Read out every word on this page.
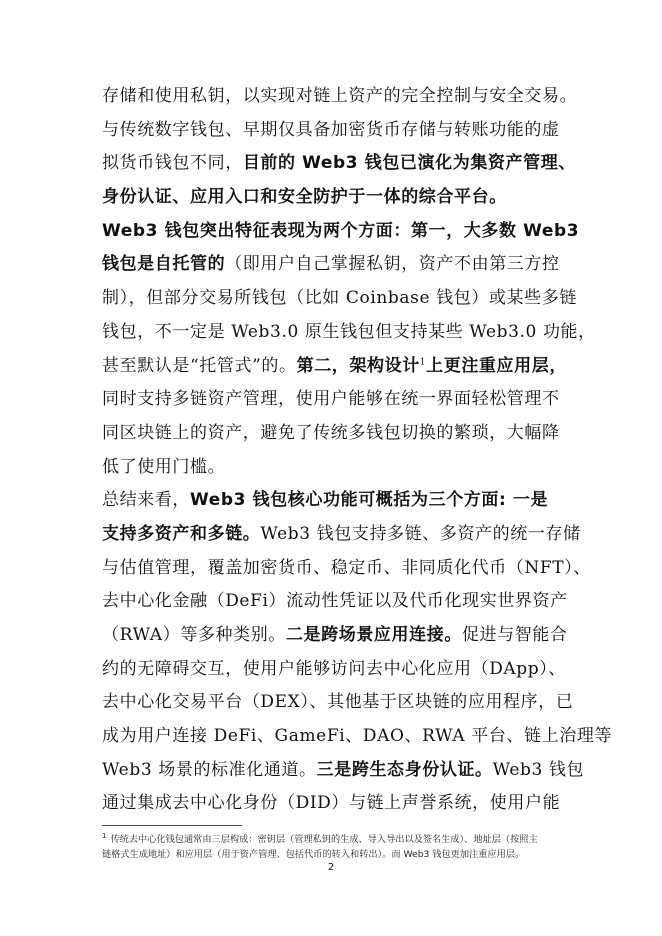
存储和使用私钥，以实现对链上资产的完全控制与安全交易。
与传统数字钱包、早期仅具备加密货币存储与转账功能的虚
拟货币钱包不同，目前的 Web3 钱包已演化为集资产管理、
身份认证、应用入口和安全防护于一体的综合平台。
Web3 钱包突出特征表现为两个方面：第一，大多数 Web3
钱包是自托管的（即用户自己掌握私钥，资产不由第三方控
制），但部分交易所钱包（比如 Coinbase 钱包）或某些多链
钱包，不一定是 Web3.0 原生钱包但支持某些 Web3.0 功能，
甚至默认是“托管式”的。第二，架构设计$^1$上更注重应用层，
同时支持多链资产管理，使用户能够在统一界面轻松管理不
同区块链上的资产，避免了传统多钱包切换的繁琐，大幅降
低了使用门槛。
总结来看，Web3 钱包核心功能可概括为三个方面: 一是
支持多资产和多链。Web3 钱包支持多链、多资产的统一存储
与估值管理，覆盖加密货币、稳定币、非同质化代币（NFT）、
去中心化金融（DeFi）流动性凭证以及代币化现实世界资产
（RWA）等多种类别。二是跨场景应用连接。促进与智能合
约的无障碍交互，使用户能够访问去中心化应用（DApp）、
去中心化交易平台（DEX）、其他基于区块链的应用程序，已
成为用户连接 DeFi、GameFi、DAO、RWA 平台、链上治理等
Web3 场景的标准化通道。三是跨生态身份认证。Web3 钱包
通过集成去中心化身份（DID）与链上声誉系统，使用户能
$^1$ 传统去中心化钱包通常由三层构成：密钥层（管理私钥的生成、导入导出以及签名生成）、地址层（按照主
链格式生成地址）和应用层（用于资产管理、包括代币的转入和转出）。而 Web3 钱包更加注重应用层。
2
